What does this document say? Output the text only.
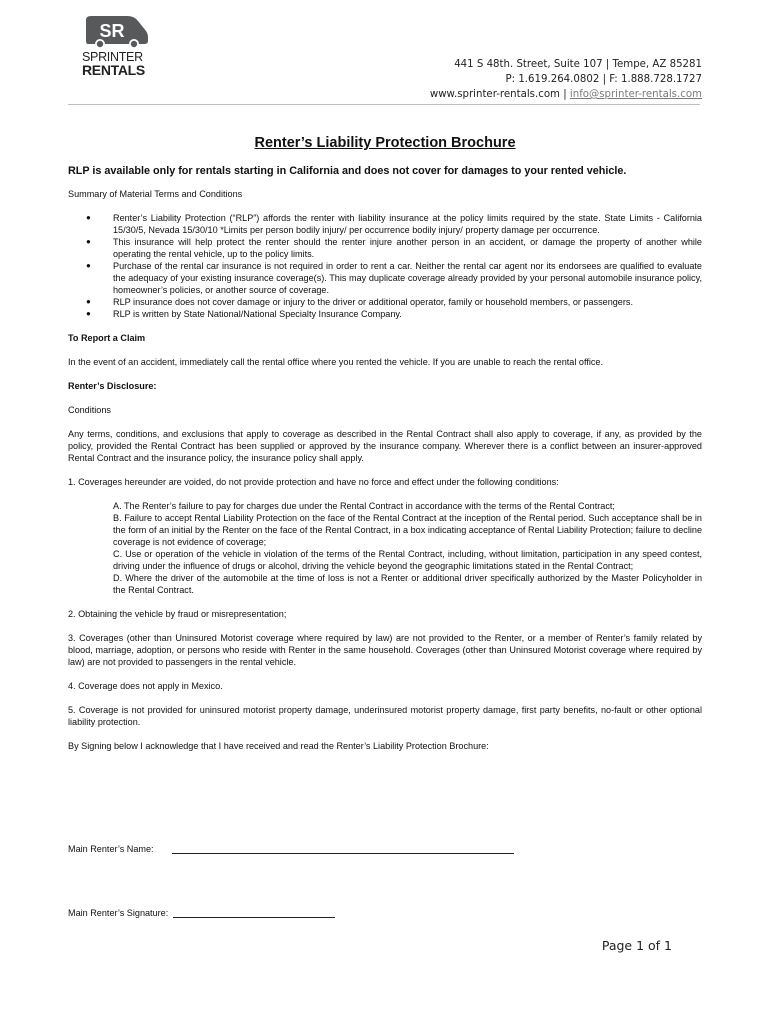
SR
SPRINTER
RENTALS	441 S 48th. Street, Suite 107 | Tempe, AZ 85281
P: 1.619.264.0802 | F: 1.888.728.1727
www.sprinter-rentals.com | info@sprinter-rentals.com
Renter’s Liability Protection Brochure

RLP is available only for rentals starting in California and does not cover for damages to your rented vehicle.

Summary of Material Terms and Conditions

● Renter’s Liability Protection (“RLP”) affords the renter with liability insurance at the policy limits required by the state. State Limits - California 15/30/5, Nevada 15/30/10 *Limits per person bodily injury/ per occurrence bodily injury/ property damage per occurrence.
● This insurance will help protect the renter should the renter injure another person in an accident, or damage the property of another while operating the rental vehicle, up to the policy limits.
● Purchase of the rental car insurance is not required in order to rent a car. Neither the rental car agent nor its endorsees are qualified to evaluate the adequacy of your existing insurance coverage(s). This may duplicate coverage already provided by your personal automobile insurance policy, homeowner’s policies, or another source of coverage.
● RLP insurance does not cover damage or injury to the driver or additional operator, family or household members, or passengers.
● RLP is written by State National/National Specialty Insurance Company.

To Report a Claim

In the event of an accident, immediately call the rental office where you rented the vehicle. If you are unable to reach the rental office.

Renter’s Disclosure:

Conditions

Any terms, conditions, and exclusions that apply to coverage as described in the Rental Contract shall also apply to coverage, if any, as provided by the policy, provided the Rental Contract has been supplied or approved by the insurance company. Wherever there is a conflict between an insurer-approved Rental Contract and the insurance policy, the insurance policy shall apply.

1. Coverages hereunder are voided, do not provide protection and have no force and effect under the following conditions:

A. The Renter’s failure to pay for charges due under the Rental Contract in accordance with the terms of the Rental Contract;
B. Failure to accept Rental Liability Protection on the face of the Rental Contract at the inception of the Rental period. Such acceptance shall be in the form of an initial by the Renter on the face of the Rental Contract, in a box indicating acceptance of Rental Liability Protection; failure to decline coverage is not evidence of coverage;
C. Use or operation of the vehicle in violation of the terms of the Rental Contract, including, without limitation, participation in any speed contest, driving under the influence of drugs or alcohol, driving the vehicle beyond the geographic limitations stated in the Rental Contract;
D. Where the driver of the automobile at the time of loss is not a Renter or additional driver specifically authorized by the Master Policyholder in the Rental Contract.

2. Obtaining the vehicle by fraud or misrepresentation;

3. Coverages (other than Uninsured Motorist coverage where required by law) are not provided to the Renter, or a member of Renter’s family related by blood, marriage, adoption, or persons who reside with Renter in the same household. Coverages (other than Uninsured Motorist coverage where required by law) are not provided to passengers in the rental vehicle.

4. Coverage does not apply in Mexico.

5. Coverage is not provided for uninsured motorist property damage, underinsured motorist property damage, first party benefits, no-fault or other optional liability protection.

By Signing below I acknowledge that I have received and read the Renter’s Liability Protection Brochure:

Main Renter’s Name:
Main Renter’s Signature:
Page 1 of 1
